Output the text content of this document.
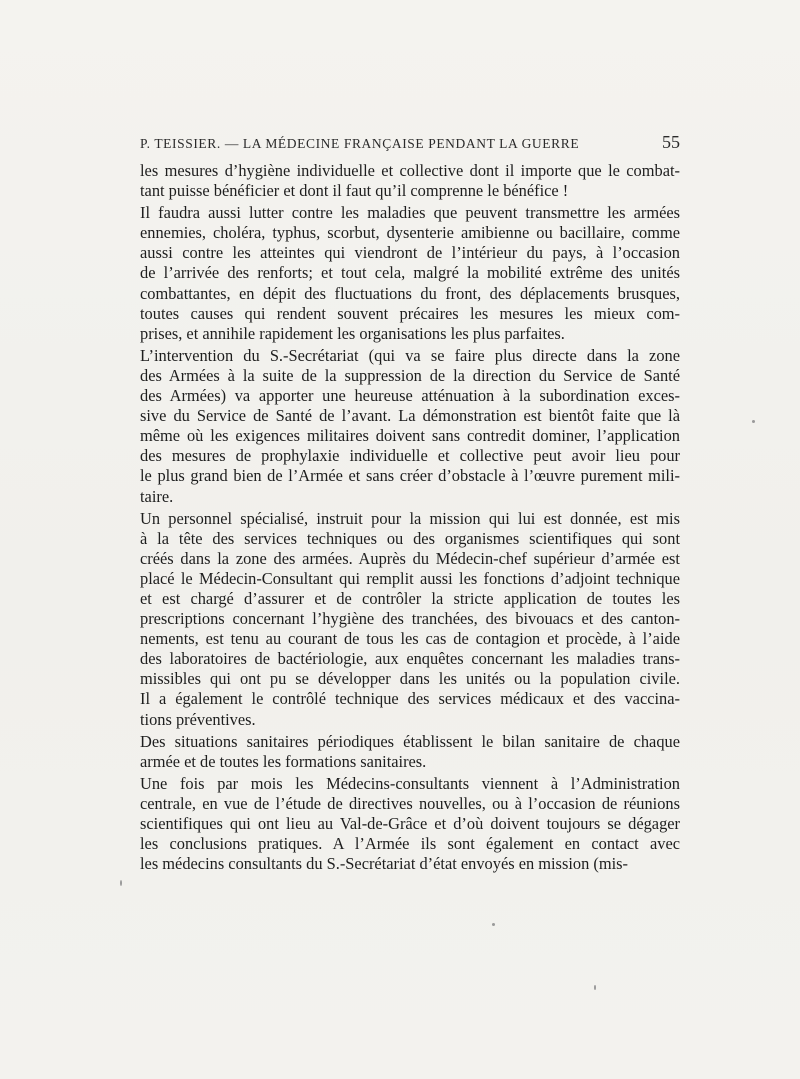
P. TEISSIER. — LA MÉDECINE FRANÇAISE PENDANT LA GUERRE	55

les mesures d’hygiène individuelle et collective dont il importe que le combat-
tant puisse bénéficier et dont il faut qu’il comprenne le bénéfice !

Il faudra aussi lutter contre les maladies que peuvent transmettre les armées
ennemies, choléra, typhus, scorbut, dysenterie amibienne ou bacillaire, comme
aussi contre les atteintes qui viendront de l’intérieur du pays, à l’occasion
de l’arrivée des renforts; et tout cela, malgré la mobilité extrême des unités
combattantes, en dépit des fluctuations du front, des déplacements brusques,
toutes causes qui rendent souvent précaires les mesures les mieux com-
prises, et annihile rapidement les organisations les plus parfaites.

L’intervention du S.-Secrétariat (qui va se faire plus directe dans la zone
des Armées à la suite de la suppression de la direction du Service de Santé
des Armées) va apporter une heureuse atténuation à la subordination exces-
sive du Service de Santé de l’avant. La démonstration est bientôt faite que là
même où les exigences militaires doivent sans contredit dominer, l’application
des mesures de prophylaxie individuelle et collective peut avoir lieu pour
le plus grand bien de l’Armée et sans créer d’obstacle à l’œuvre purement mili-
taire.

Un personnel spécialisé, instruit pour la mission qui lui est donnée, est mis
à la tête des services techniques ou des organismes scientifiques qui sont
créés dans la zone des armées. Auprès du Médecin-chef supérieur d’armée est
placé le Médecin-Consultant qui remplit aussi les fonctions d’adjoint technique
et est chargé d’assurer et de contrôler la stricte application de toutes les
prescriptions concernant l’hygiène des tranchées, des bivouacs et des canton-
nements, est tenu au courant de tous les cas de contagion et procède, à l’aide
des laboratoires de bactériologie, aux enquêtes concernant les maladies trans-
missibles qui ont pu se développer dans les unités ou la population civile.
Il a également le contrôlé technique des services médicaux et des vaccina-
tions préventives.

Des situations sanitaires périodiques établissent le bilan sanitaire de chaque
armée et de toutes les formations sanitaires.

Une fois par mois les Médecins-consultants viennent à l’Administration
centrale, en vue de l’étude de directives nouvelles, ou à l’occasion de réunions
scientifiques qui ont lieu au Val-de-Grâce et d’où doivent toujours se dégager
les conclusions pratiques. A l’Armée ils sont également en contact avec
les médecins consultants du S.-Secrétariat d’état envoyés en mission (mis-
